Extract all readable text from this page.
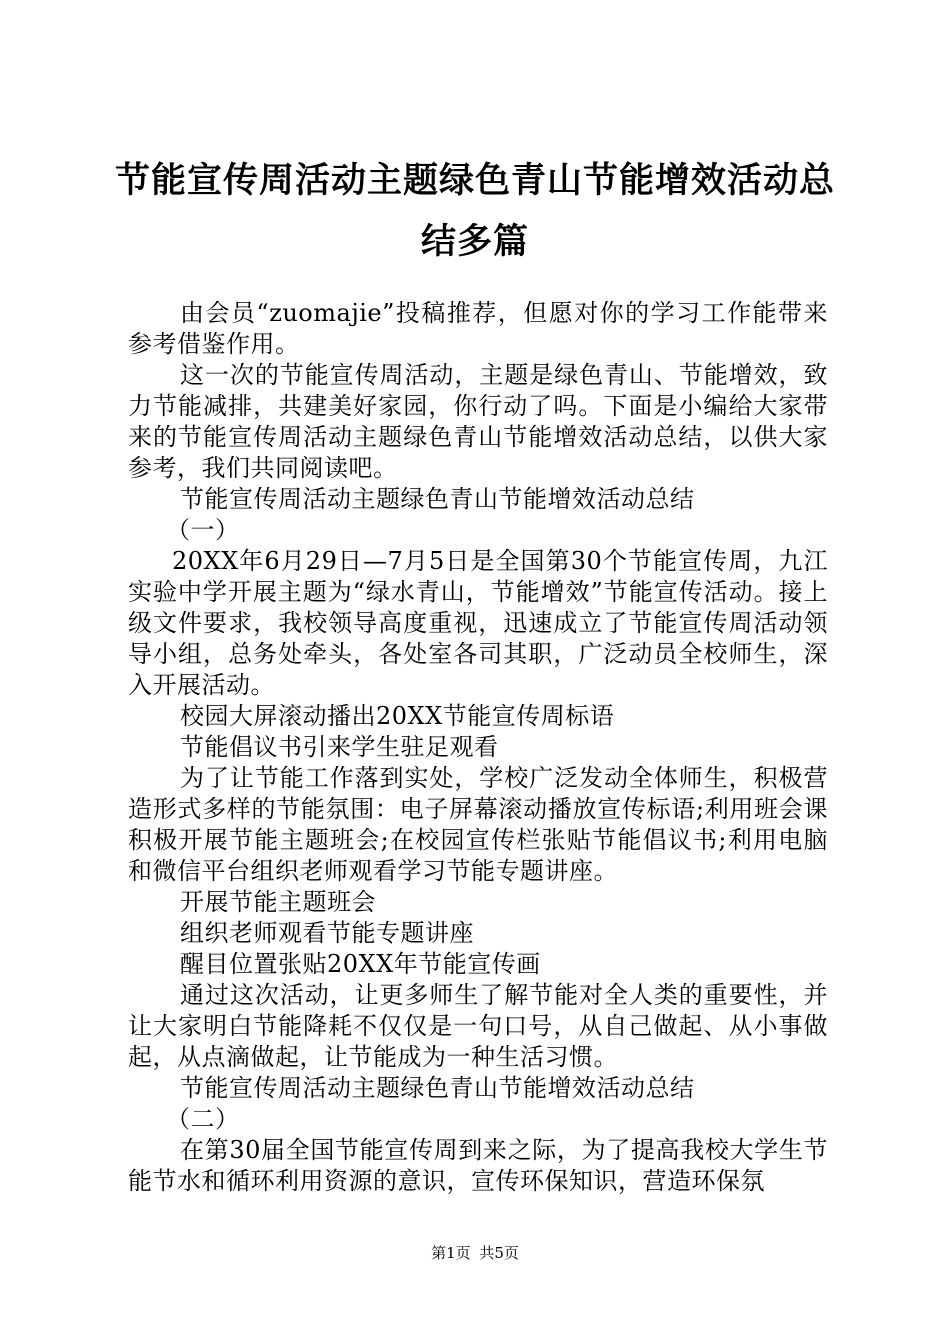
节能宣传周活动主题绿色青山节能增效活动总
结多篇

由会员“zuomajie”投稿推荐，但愿对你的学习工作能带来参考借鉴作用。

这一次的节能宣传周活动，主题是绿色青山、节能增效，致力节能减排，共建美好家园，你行动了吗。下面是小编给大家带来的节能宣传周活动主题绿色青山节能增效活动总结，以供大家参考，我们共同阅读吧。

节能宣传周活动主题绿色青山节能增效活动总结

（一）

20XX年6月29日—7月5日是全国第30个节能宣传周，九江实验中学开展主题为“绿水青山，节能增效”节能宣传活动。接上级文件要求，我校领导高度重视，迅速成立了节能宣传周活动领导小组，总务处牵头，各处室各司其职，广泛动员全校师生，深入开展活动。

校园大屏滚动播出20XX节能宣传周标语

节能倡议书引来学生驻足观看

为了让节能工作落到实处，学校广泛发动全体师生，积极营造形式多样的节能氛围：电子屏幕滚动播放宣传标语;利用班会课积极开展节能主题班会;在校园宣传栏张贴节能倡议书;利用电脑和微信平台组织老师观看学习节能专题讲座。

开展节能主题班会

组织老师观看节能专题讲座

醒目位置张贴20XX年节能宣传画

通过这次活动，让更多师生了解节能对全人类的重要性，并让大家明白节能降耗不仅仅是一句口号，从自己做起、从小事做起，从点滴做起，让节能成为一种生活习惯。

节能宣传周活动主题绿色青山节能增效活动总结

（二）

在第30届全国节能宣传周到来之际，为了提高我校大学生节能节水和循环利用资源的意识，宣传环保知识，营造环保氛

第1页 共5页
